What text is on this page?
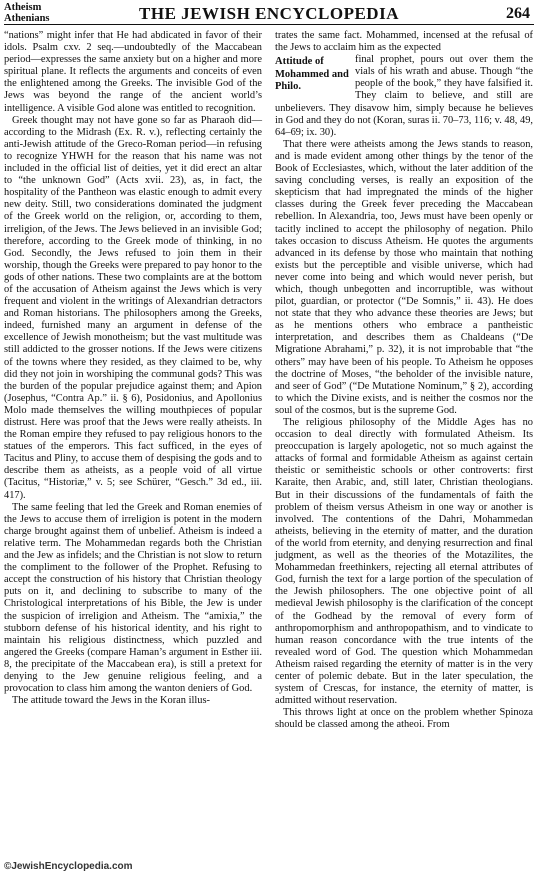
Atheism
Athenians	THE JEWISH ENCYCLOPEDIA	264

“nations” might infer that He had abdicated in favor of their idols. Psalm cxv. 2 seq.—undoubtedly of the Maccabean period—expresses the same anxiety but on a higher and more spiritual plane. It reflects the arguments and conceits of even the enlightened among the Greeks. The invisible God of the Jews was beyond the range of the ancient world’s intelligence. A visible God alone was entitled to recognition.

Greek thought may not have gone so far as Pharaoh did—according to the Midrash (Ex. R. v.), reflecting certainly the anti-Jewish attitude of the Greco-Roman period—in refusing to recognize YHWH for the reason that his name was not included in the official list of deities, yet it did erect an altar to “the unknown God” (Acts xvii. 23), as, in fact, the hospitality of the Pantheon was elastic enough to admit every new deity. Still, two considerations dominated the judgment of the Greek world on the religion, or, according to them, irreligion, of the Jews. The Jews believed in an invisible God; therefore, according to the Greek mode of thinking, in no God. Secondly, the Jews refused to join them in their worship, though the Greeks were prepared to pay honor to the gods of other nations. These two complaints are at the bottom of the accusation of Atheism against the Jews which is very frequent and violent in the writings of Alexandrian detractors and Roman historians. The philosophers among the Greeks, indeed, furnished many an argument in defense of the excellence of Jewish monotheism; but the vast multitude was still addicted to the grosser notions. If the Jews were citizens of the towns where they resided, as they claimed to be, why did they not join in worshiping the communal gods? This was the burden of the popular prejudice against them; and Apion (Josephus, “Contra Ap.” ii. § 6), Posidonius, and Apollonius Molo made themselves the willing mouthpieces of popular distrust. Here was proof that the Jews were really atheists. In the Roman empire they refused to pay religious honors to the statues of the emperors. This fact sufficed, in the eyes of Tacitus and Pliny, to accuse them of despising the gods and to describe them as atheists, as a people void of all virtue (Tacitus, “Historiæ,” v. 5; see Schürer, “Gesch.” 3d ed., iii. 417).

The same feeling that led the Greek and Roman enemies of the Jews to accuse them of irreligion is potent in the modern charge brought against them of unbelief. Atheism is indeed a relative term. The Mohammedan regards both the Christian and the Jew as infidels; and the Christian is not slow to return the compliment to the follower of the Prophet. Refusing to accept the construction of his history that Christian theology puts on it, and declining to subscribe to many of the Christological interpretations of his Bible, the Jew is under the suspicion of irreligion and Atheism. The “amixia,” the stubborn defense of his historical identity, and his right to maintain his religious distinctness, which puzzled and angered the Greeks (compare Haman’s argument in Esther iii. 8, the precipitate of the Maccabean era), is still a pretext for denying to the Jew genuine religious feeling, and a provocation to class him among the wanton deniers of God.

The attitude toward the Jews in the Koran illus-

trates the same fact. Mohammed, incensed at the refusal of the Jews to acclaim him as the expected

Attitude of Mohammed and Philo.

final prophet, pours out over them the vials of his wrath and abuse. Though “the people of the book,” they have falsified it. They claim to believe, and still are unbelievers. They disavow him, simply because he believes in God and they do not (Koran, suras ii. 70–73, 116; v. 48, 49, 64–69; ix. 30).

That there were atheists among the Jews stands to reason, and is made evident among other things by the tenor of the Book of Ecclesiastes, which, without the later addition of the saving concluding verses, is really an exposition of the skepticism that had impregnated the minds of the higher classes during the Greek fever preceding the Maccabean rebellion. In Alexandria, too, Jews must have been openly or tacitly inclined to accept the philosophy of negation. Philo takes occasion to discuss Atheism. He quotes the arguments advanced in its defense by those who maintain that nothing exists but the perceptible and visible universe, which had never come into being and which would never perish, but which, though unbegotten and incorruptible, was without pilot, guardian, or protector (“De Somnis,” ii. 43). He does not state that they who advance these theories are Jews; but as he mentions others who embrace a pantheistic interpretation, and describes them as Chaldeans (“De Migratione Abrahami,” p. 32), it is not improbable that “the others” may have been of his people. To Atheism he opposes the doctrine of Moses, “the beholder of the invisible nature, and seer of God” (“De Mutatione Nominum,” § 2), according to which the Divine exists, and is neither the cosmos nor the soul of the cosmos, but is the supreme God.

The religious philosophy of the Middle Ages has no occasion to deal directly with formulated Atheism. Its preoccupation is largely apologetic, not so much against the attacks of formal and formidable Atheism as against certain theistic or semitheistic schools or other controverts: first Karaite, then Arabic, and, still later, Christian theologians. But in their discussions of the fundamentals of faith the problem of theism versus Atheism in one way or another is involved. The contentions of the Dahri, Mohammedan atheists, believing in the eternity of matter, and the duration of the world from eternity, and denying resurrection and final judgment, as well as the theories of the Motazilites, the Mohammedan freethinkers, rejecting all eternal attributes of God, furnish the text for a large portion of the speculation of the Jewish philosophers. The one objective point of all medieval Jewish philosophy is the clarification of the concept of the Godhead by the removal of every form of anthropomorphism and anthropopathism, and to vindicate to human reason concordance with the true intents of the revealed word of God. The question which Mohammedan Atheism raised regarding the eternity of matter is in the very center of polemic debate. But in the later speculation, the system of Crescas, for instance, the eternity of matter, is admitted without reservation.

This throws light at once on the problem whether Spinoza should be classed among the atheoi. From

©JewishEncyclopedia.com
